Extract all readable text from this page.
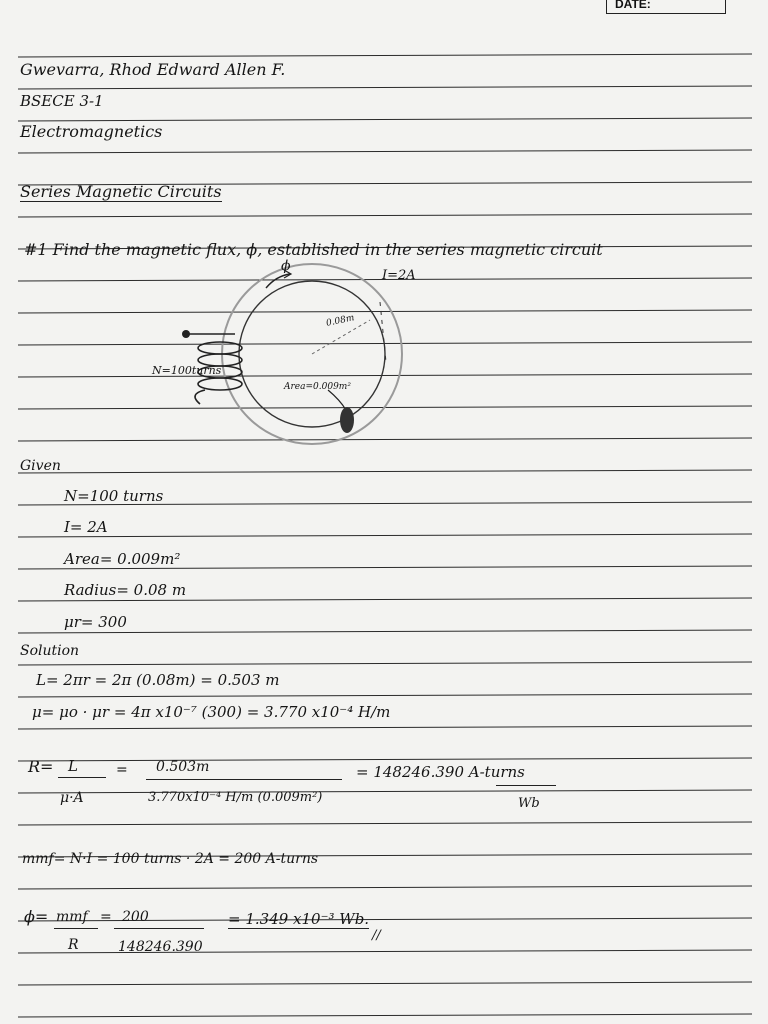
DATE:
Gwevarra, Rhod Edward Allen F.
BSECE 3-1
Electromagnetics
Series Magnetic Circuits
#1 Find the magnetic flux, ϕ, established in the series magnetic circuit
I=2A
ϕ
0.08m
N=100turns
Area=0.009m²
Given
N=100 turns
I= 2A
Area= 0.009m²
Radius= 0.08 m
μr= 300
Solution
L= 2πr = 2π (0.08m) = 0.503 m
μ= μo · μr = 4π x10⁻⁷ (300) = 3.770 x10⁻⁴ H/m
R= L
μ·A
= 0.503m
3.770x10⁻⁴ H/m (0.009m²)
= 148246.390 A-turns
Wb
mmf= N·I = 100 turns · 2A = 200 A-turns
ϕ= mmf
R
= 200
148246.390
= 1.349 x10⁻³ Wb.
//
